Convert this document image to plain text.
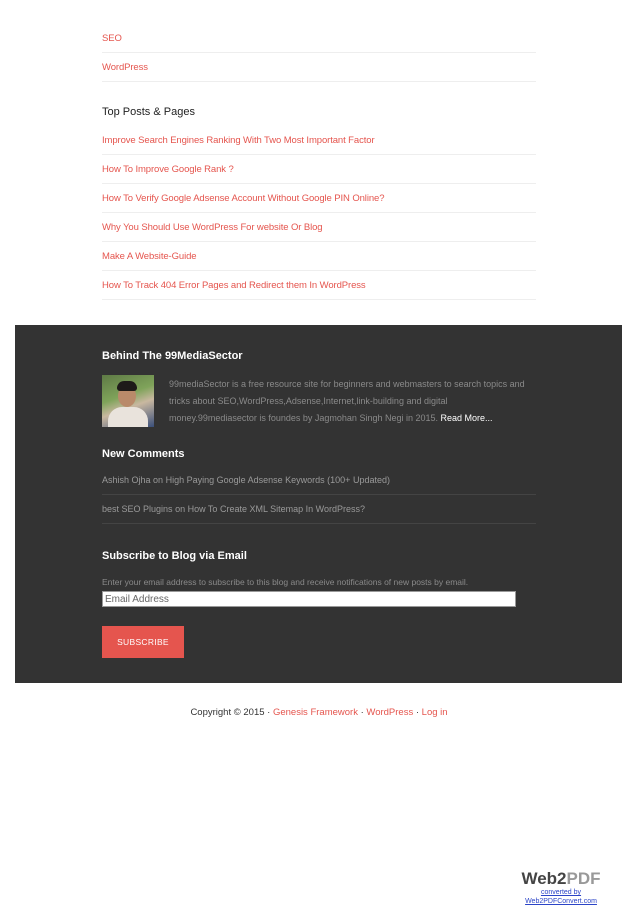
SEO
WordPress
Top Posts & Pages
Improve Search Engines Ranking With Two Most Important Factor
How To Improve Google Rank ?
How To Verify Google Adsense Account Without Google PIN Online?
Why You Should Use WordPress For website Or Blog
Make A Website-Guide
How To Track 404 Error Pages and Redirect them In WordPress
Behind The 99MediaSector

99mediaSector is a free resource site for beginners and webmasters to search topics and tricks about SEO,WordPress,Adsense,Internet,link-building and digital money.99mediasector is foundes by Jagmohan Singh Negi in 2015. Read More...

New Comments
Ashish Ojha
on
High Paying Google Adsense Keywords (100+ Updated)
best SEO Plugins
on
How To Create XML Sitemap In WordPress?
Subscribe to Blog via Email

Enter your email address to subscribe to this blog and receive notifications of new posts by email.

Email Address
SUBSCRIBE
Copyright © 2015 · Genesis Framework · WordPress · Log in
Web2PDF
converted by Web2PDFConvert.com
